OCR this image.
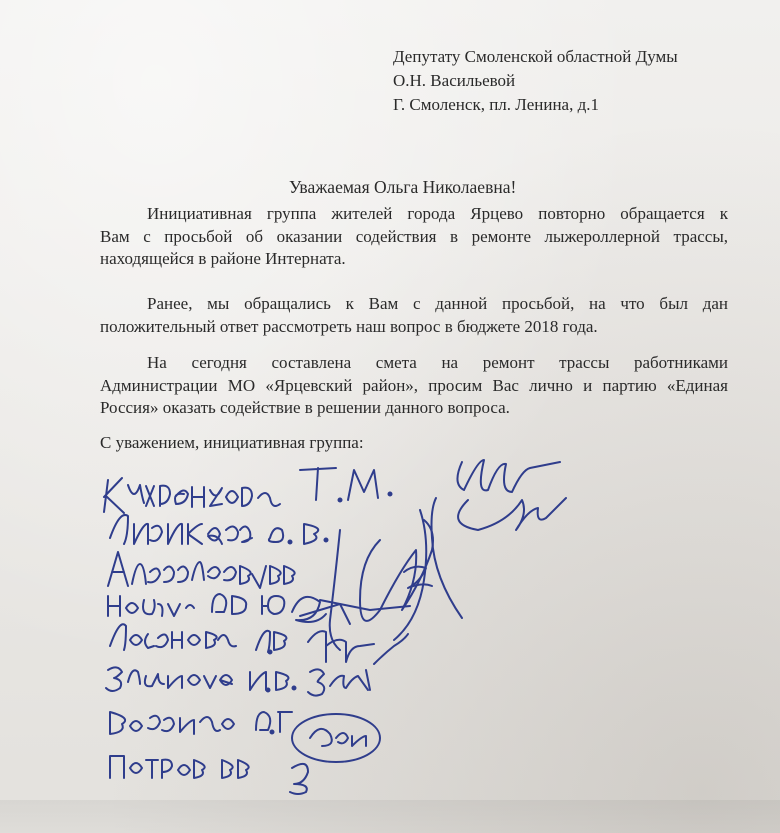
Депутату Смоленской областной Думы
О.Н. Васильевой
Г. Смоленск, пл. Ленина, д.1
Уважаемая Ольга Николаевна!
Инициативная группа жителей города Ярцево повторно обращается к
Вам с просьбой об оказании содействия в ремонте лыжероллерной трассы,
находящейся в районе Интерната.
Ранее, мы обращались к Вам с данной просьбой, на что был дан
положительный ответ рассмотреть наш вопрос в бюджете 2018 года.
На сегодня составлена смета на ремонт трассы работниками
Администрации МО «Ярцевский район», просим Вас лично и партию «Единая
Россия» оказать содействие в решении данного вопроса.
С уважением, инициативная группа:
